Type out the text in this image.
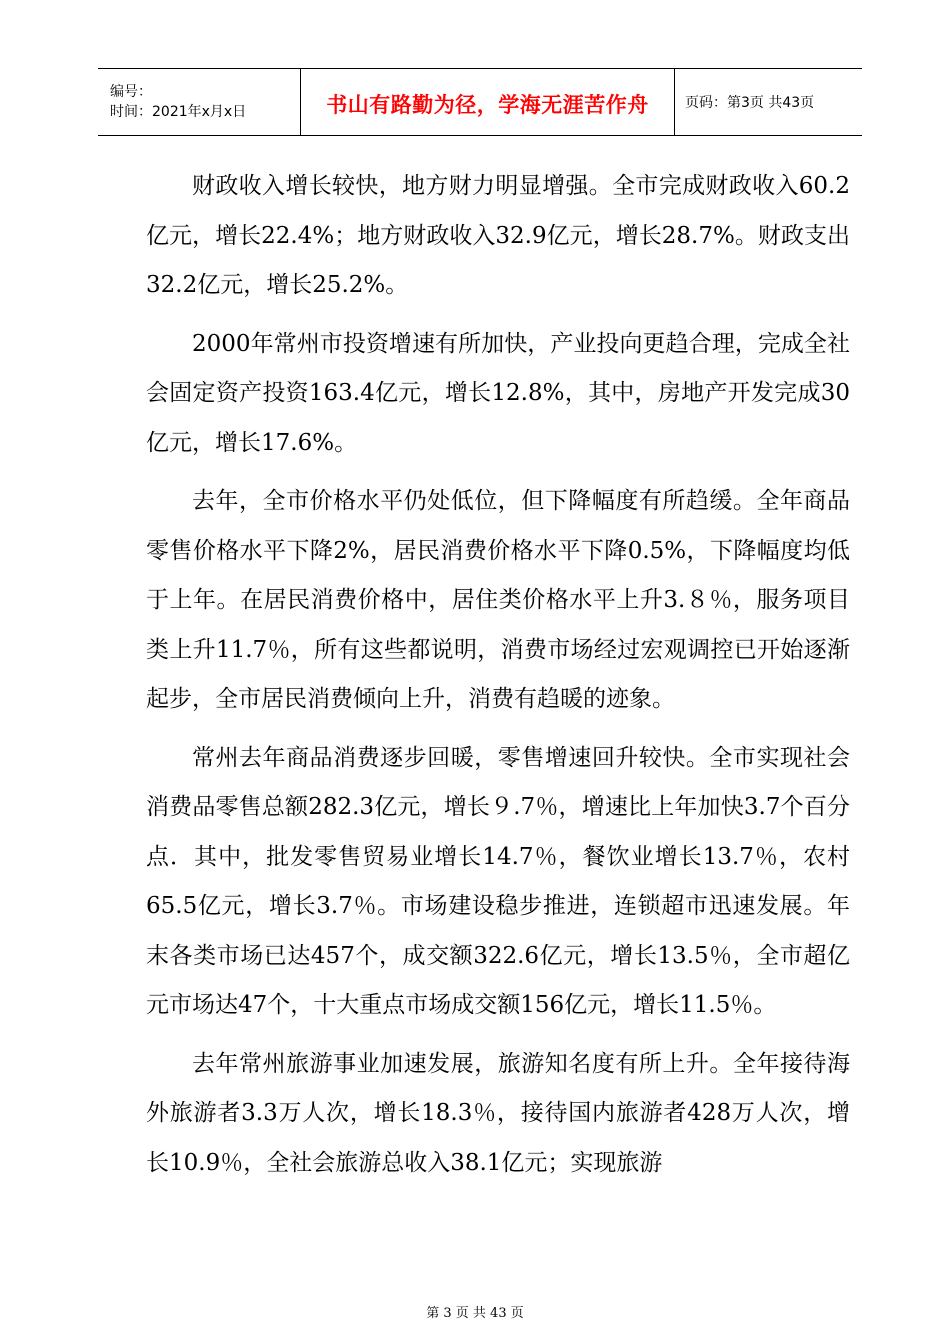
编号：
时间：2021年x月x日	书山有路勤为径，学海无涯苦作舟	页码：第3页 共43页

财政收入增长较快，地方财力明显增强。全市完成财政收入60.2亿元，增长22.4%；地方财政收入32.9亿元，增长28.7%。财政支出32.2亿元，增长25.2%。

2000年常州市投资增速有所加快，产业投向更趋合理，完成全社会固定资产投资163.4亿元，增长12.8%，其中，房地产开发完成30亿元，增长17.6%。

去年，全市价格水平仍处低位，但下降幅度有所趋缓。全年商品零售价格水平下降2%，居民消费价格水平下降0.5%，下降幅度均低于上年。在居民消费价格中，居住类价格水平上升3.８％，服务项目类上升11.7％，所有这些都说明，消费市场经过宏观调控已开始逐渐起步，全市居民消费倾向上升，消费有趋暖的迹象。

常州去年商品消费逐步回暖，零售增速回升较快。全市实现社会消费品零售总额282.3亿元，增长９.7％，增速比上年加快3.7个百分点．其中，批发零售贸易业增长14.7％，餐饮业增长13.7％，农村65.5亿元，增长3.7％。市场建设稳步推进，连锁超市迅速发展。年末各类市场已达457个，成交额322.6亿元，增长13.5％，全市超亿元市场达47个，十大重点市场成交额156亿元，增长11.5％。

去年常州旅游事业加速发展，旅游知名度有所上升。全年接待海外旅游者3.3万人次，增长18.3％，接待国内旅游者428万人次，增长10.9％，全社会旅游总收入38.1亿元；实现旅游

第 3 页 共 43 页
